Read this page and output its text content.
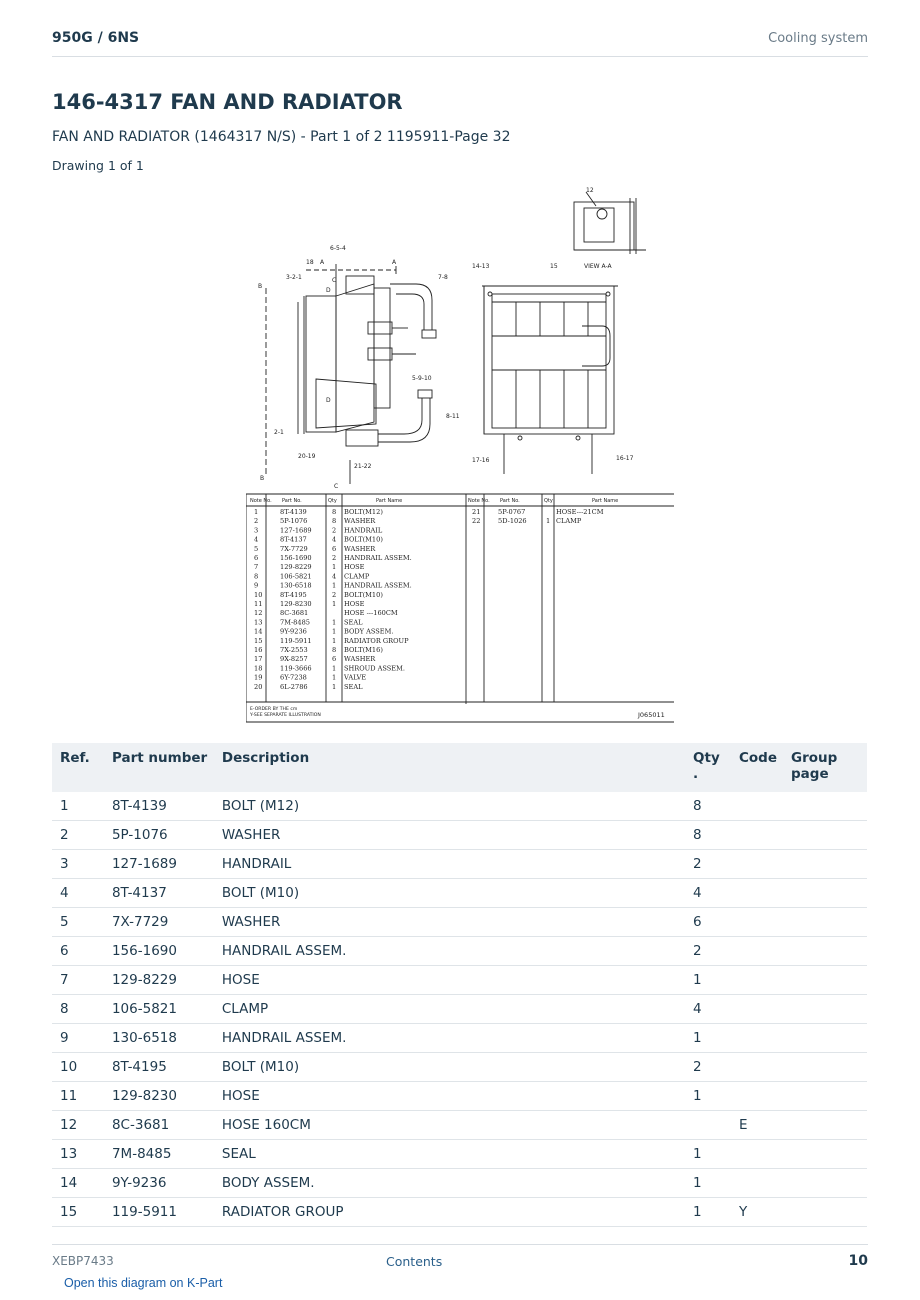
950G / 6NS	Cooling system
146-4317 FAN AND RADIATOR
FAN AND RADIATOR (1464317 N/S) - Part 1 of 2 1195911-Page 32
Drawing 1 of 1
12
6-5-4
A	A
18
3-2-1	C
D
7-8
B
14-13	15	VIEW A-A
5-9-10
D
8-11
2-1
20-19
21-22
C
B
17-16	16-17
1	8T-4139	8 BOLT(M12)
2	5P-1076	8 WASHER
3	127-1689	2 HANDRAIL
4	8T-4137	4 BOLT(M10)
5	7X-7729	6 WASHER
6	156-1690	2 HANDRAIL ASSEM.
7	129-8229	1 HOSE
8	106-5821	4 CLAMP
9	130-6518	1 HANDRAIL ASSEM.
10	8T-4195	2 BOLT(M10)
11	129-8230	1 HOSE
12	8C-3681	HOSE ---160CM
13	7M-8485	1 SEAL
14	9Y-9236	1 BODY ASSEM.
15	119-5911	1 RADIATOR GROUP
16	7X-2553	8 BOLT(M16)
17	9X-8257	6 WASHER
18	119-3666	1 SHROUD ASSEM.
19	6Y-7238	1 VALVE
20	6L-2786	1 SEAL
21	5P-0767	HOSE---21CM
22	5D-1026	1 CLAMP
Note No. Part No.	Qty	Part Name	Note No. Part No.	Qty	Part Name
E-ORDER BY THE cm
Y-SEE SEPARATE ILLUSTRATION	J065011
Ref.	Part number	Description	Qty
.	Code	Group page
1	8T-4139	BOLT (M12)	8		
2	5P-1076	WASHER	8		
3	127-1689	HANDRAIL	2		
4	8T-4137	BOLT (M10)	4		
5	7X-7729	WASHER	6		
6	156-1690	HANDRAIL ASSEM.	2		
7	129-8229	HOSE	1		
8	106-5821	CLAMP	4		
9	130-6518	HANDRAIL ASSEM.	1		
10	8T-4195	BOLT (M10)	2		
11	129-8230	HOSE	1		
12	8C-3681	HOSE 160CM		E	
13	7M-8485	SEAL	1		
14	9Y-9236	BODY ASSEM.	1		
15	119-5911	RADIATOR GROUP	1	Y	
XEBP7433	Contents	10
Open this diagram on K-Part
